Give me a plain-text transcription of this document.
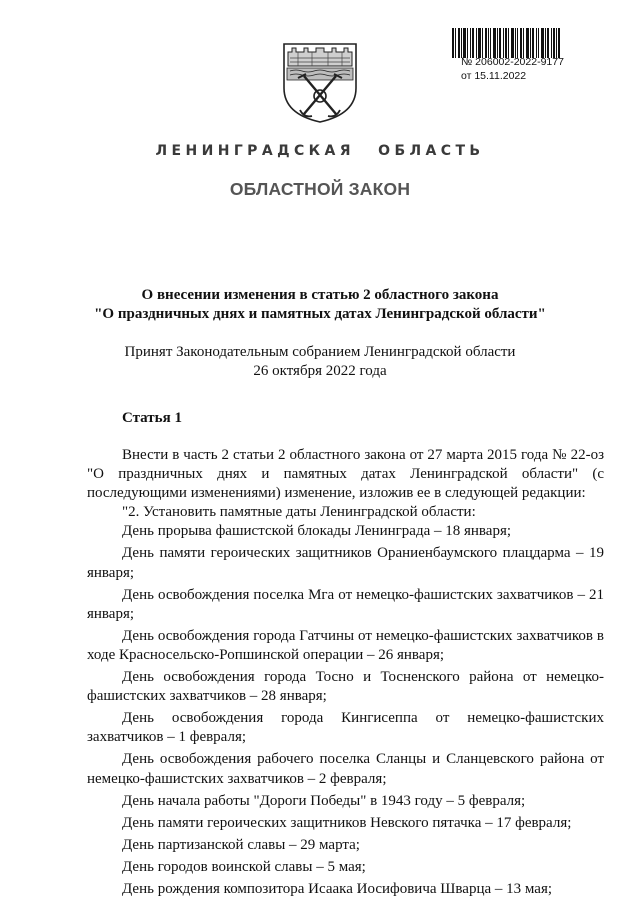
№ 206002-2022-9177
от 15.11.2022
ЛЕНИНГРАДСКАЯ ОБЛАСТЬ
ОБЛАСТНОЙ ЗАКОН
О внесении изменения в статью 2 областного закона
"О праздничных днях и памятных датах Ленинградской области"
Принят Законодательным собранием Ленинградской области
26 октября 2022 года
Статья 1

Внести в часть 2 статьи 2 областного закона от 27 марта 2015 года № 22-оз "О праздничных днях и памятных датах Ленинградской области" (с последующими изменениями) изменение, изложив ее в следующей редакции:

"2. Установить памятные даты Ленинградской области:

День прорыва фашистской блокады Ленинграда – 18 января;

День памяти героических защитников Ораниенбаумского плацдарма – 19 января;

День освобождения поселка Мга от немецко-фашистских захватчиков – 21 января;

День освобождения города Гатчины от немецко-фашистских захватчиков в ходе Красносельско-Ропшинской операции – 26 января;

День освобождения города Тосно и Тосненского района от немецко-фашистских захватчиков – 28 января;

День освобождения города Кингисеппа от немецко-фашистских захватчиков – 1 февраля;

День освобождения рабочего поселка Сланцы и Сланцевского района от немецко-фашистских захватчиков – 2 февраля;

День начала работы "Дороги Победы" в 1943 году – 5 февраля;

День памяти героических защитников Невского пятачка – 17 февраля;

День партизанской славы – 29 марта;

День городов воинской славы – 5 мая;

День рождения композитора Исаака Иосифовича Шварца – 13 мая;
